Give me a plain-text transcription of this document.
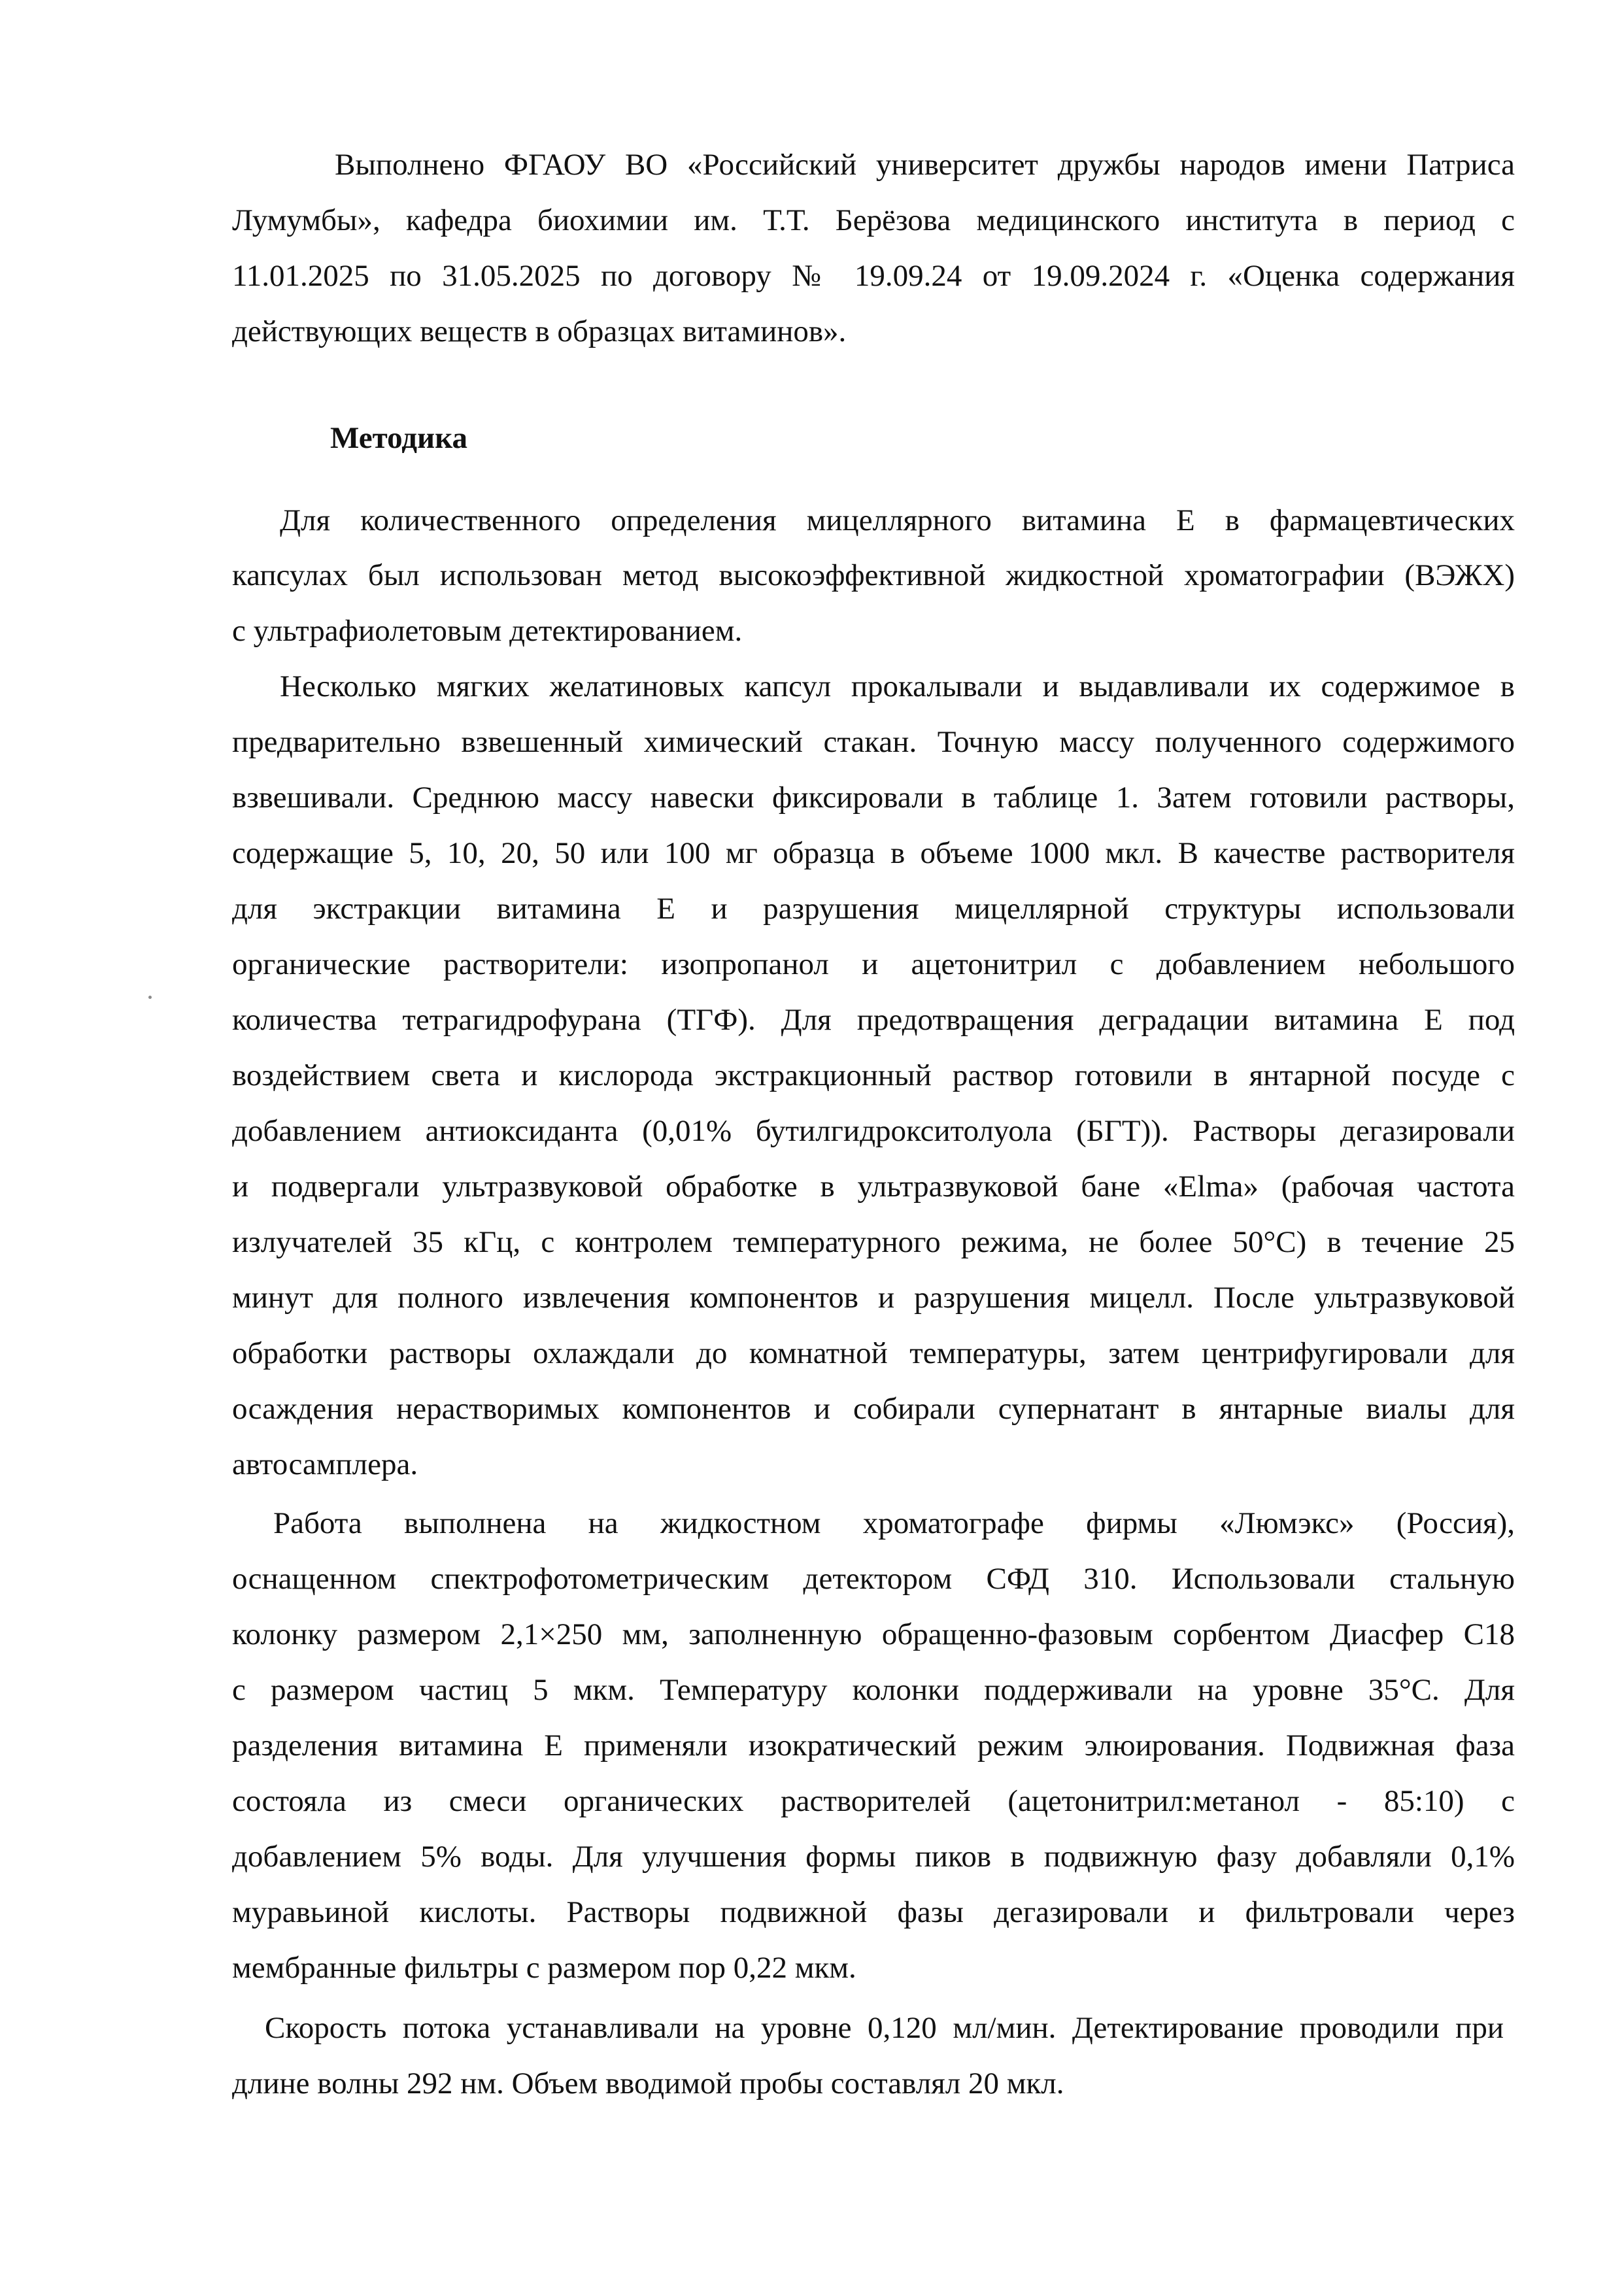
Выполнено ФГАОУ ВО «Российский университет дружбы народов имени Патриса
Лумумбы», кафедра биохимии им. Т.Т. Берёзова медицинского института в период с
11.01.2025 по 31.05.2025 по договору № 19.09.24 от 19.09.2024 г. «Оценка содержания
действующих веществ в образцах витаминов».
Методика
Для количественного определения мицеллярного витамина Е в фармацевтических
капсулах был использован метод высокоэффективной жидкостной хроматографии (ВЭЖХ)
с ультрафиолетовым детектированием.
Несколько мягких желатиновых капсул прокалывали и выдавливали их содержимое в
предварительно взвешенный химический стакан. Точную массу полученного содержимого
взвешивали. Среднюю массу навески фиксировали в таблице 1. Затем готовили растворы,
содержащие 5, 10, 20, 50 или 100 мг образца в объеме 1000 мкл. В качестве растворителя
для экстракции витамина Е и разрушения мицеллярной структуры использовали
органические растворители: изопропанол и ацетонитрил с добавлением небольшого
количества тетрагидрофурана (ТГФ). Для предотвращения деградации витамина Е под
воздействием света и кислорода экстракционный раствор готовили в янтарной посуде с
добавлением антиоксиданта (0,01% бутилгидрокситолуола (БГТ)). Растворы дегазировали
и подвергали ультразвуковой обработке в ультразвуковой бане «Elma» (рабочая частота
излучателей 35 кГц, с контролем температурного режима, не более 50°С) в течение 25
минут для полного извлечения компонентов и разрушения мицелл. После ультразвуковой
обработки растворы охлаждали до комнатной температуры, затем центрифугировали для
осаждения нерастворимых компонентов и собирали супернатант в янтарные виалы для
автосамплера.
Работа выполнена на жидкостном хроматографе фирмы «Люмэкс» (Россия),
оснащенном спектрофотометрическим детектором СФД 310. Использовали стальную
колонку размером 2,1×250 мм, заполненную обращенно-фазовым сорбентом Диасфер С18
с размером частиц 5 мкм. Температуру колонки поддерживали на уровне 35°С. Для
разделения витамина Е применяли изократический режим элюирования. Подвижная фаза
состояла из смеси органических растворителей (ацетонитрил:метанол - 85:10) с
добавлением 5% воды. Для улучшения формы пиков в подвижную фазу добавляли 0,1%
муравьиной кислоты. Растворы подвижной фазы дегазировали и фильтровали через
мембранные фильтры с размером пор 0,22 мкм.
Скорость потока устанавливали на уровне 0,120 мл/мин. Детектирование проводили при
длине волны 292 нм. Объем вводимой пробы составлял 20 мкл.
